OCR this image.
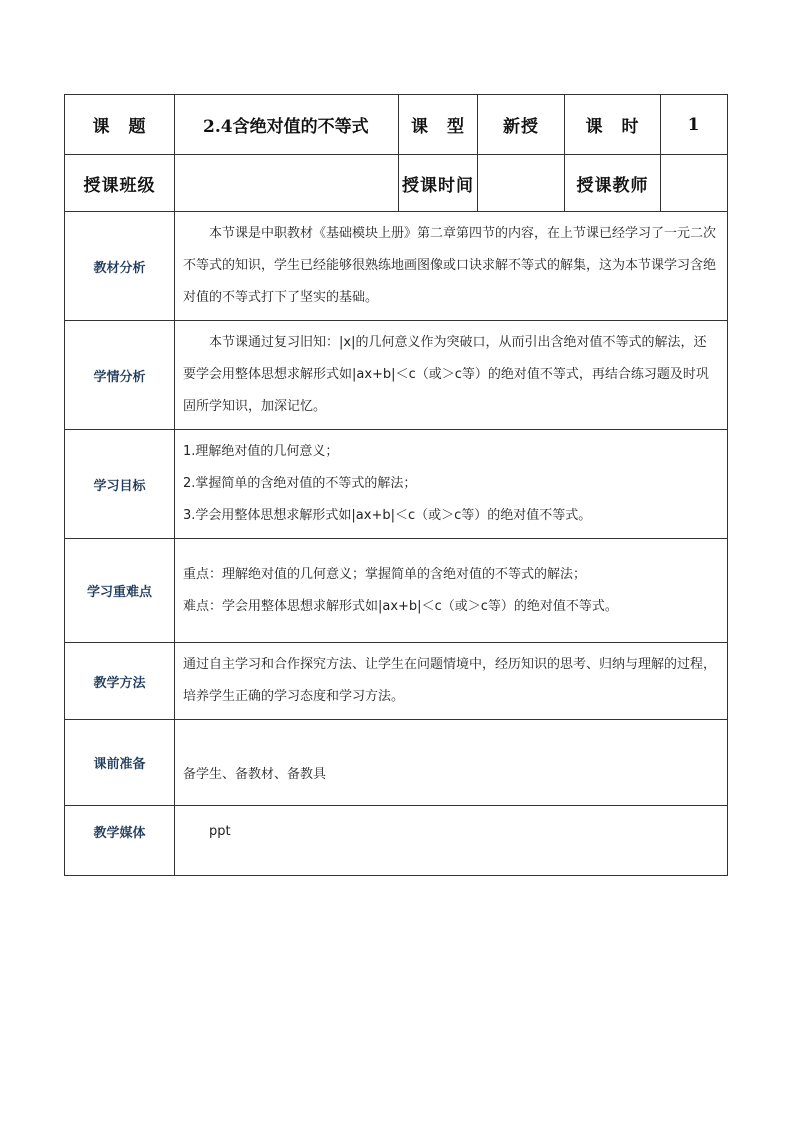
课　题	2.4含绝对值的不等式	课　型	新授	课　时	1
授课班级		授课时间		授课教师	
教材分析	本节课是中职教材《基础模块上册》第二章第四节的内容，在上节课已经学习了一元二次不等式的知识，学生已经能够很熟练地画图像或口诀求解不等式的解集，这为本节课学习含绝对值的不等式打下了坚实的基础。				
学情分析	本节课通过复习旧知：|x|的几何意义作为突破口，从而引出含绝对值不等式的解法，还要学会用整体思想求解形式如|ax+b|＜c（或＞c等）的绝对值不等式，再结合练习题及时巩固所学知识，加深记忆。				
学习目标	1.理解绝对值的几何意义；
2.掌握简单的含绝对值的不等式的解法；
3.学会用整体思想求解形式如|ax+b|＜c（或＞c等）的绝对值不等式。				

学习重难点	重点：理解绝对值的几何意义；掌握简单的含绝对值的不等式的解法；
难点：学会用整体思想求解形式如|ax+b|＜c（或＞c等）的绝对值不等式。				

教学方法	通过自主学习和合作探究方法、让学生在问题情境中，经历知识的思考、归纳与理解的过程，培养学生正确的学习态度和学习方法。				
课前准备	备学生、备教材、备教具				
教学媒体	ppt				
